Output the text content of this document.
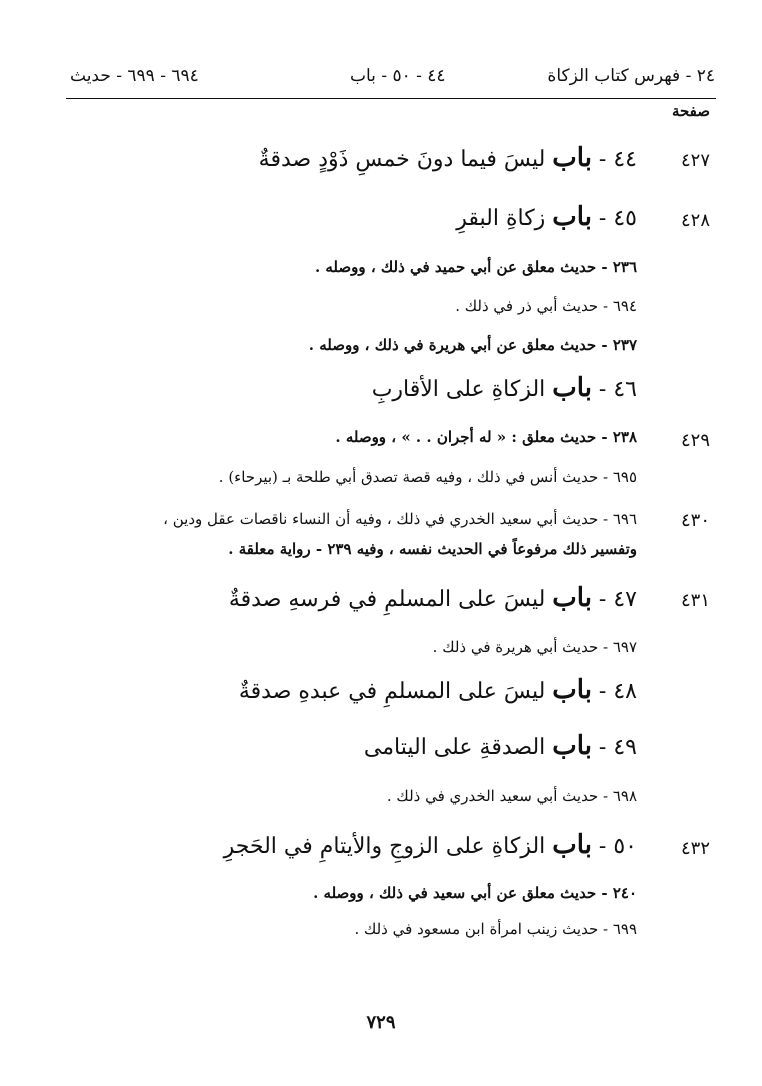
٢٤ - فهرس كتاب الزكاة
٤٤ - ٥٠ - باب
٦٩٤ - ٦٩٩ - حديث
صفحة
٤٢٧
٤٤ - باب ليسَ فيما دونَ خمسِ ذَوْدٍ صدقةٌ
٤٢٨
٤٥ - باب زكاةِ البقرِ
٢٣٦ - حديث معلق عن أبي حميد في ذلك ، ووصله .
٦٩٤ - حديث أبي ذر في ذلك .
٢٣٧ - حديث معلق عن أبي هريرة في ذلك ، ووصله .
٤٦ - باب الزكاةِ على الأقاربِ
٤٢٩
٢٣٨ - حديث معلق : « له أجران . . » ، ووصله .
٦٩٥ - حديث أنس في ذلك ، وفيه قصة تصدق أبي طلحة بـ (بيرحاء) .
٤٣٠
٦٩٦ - حديث أبي سعيد الخدري في ذلك ، وفيه أن النساء ناقصات عقل ودين ،
وتفسير ذلك مرفوعاً في الحديث نفسه ، وفيه ٢٣٩ - رواية معلقة .
٤٣١
٤٧ - باب ليسَ على المسلمِ في فرسهِ صدقةٌ
٦٩٧ - حديث أبي هريرة في ذلك .
٤٨ - باب ليسَ على المسلمِ في عبدهِ صدقةٌ
٤٩ - باب الصدقةِ على اليتامى
٦٩٨ - حديث أبي سعيد الخدري في ذلك .
٤٣٢
٥٠ - باب الزكاةِ على الزوجِ والأيتامِ في الحَجرِ
٢٤٠ - حديث معلق عن أبي سعيد في ذلك ، ووصله .
٦٩٩ - حديث زينب امرأة ابن مسعود في ذلك .
٧٢٩
